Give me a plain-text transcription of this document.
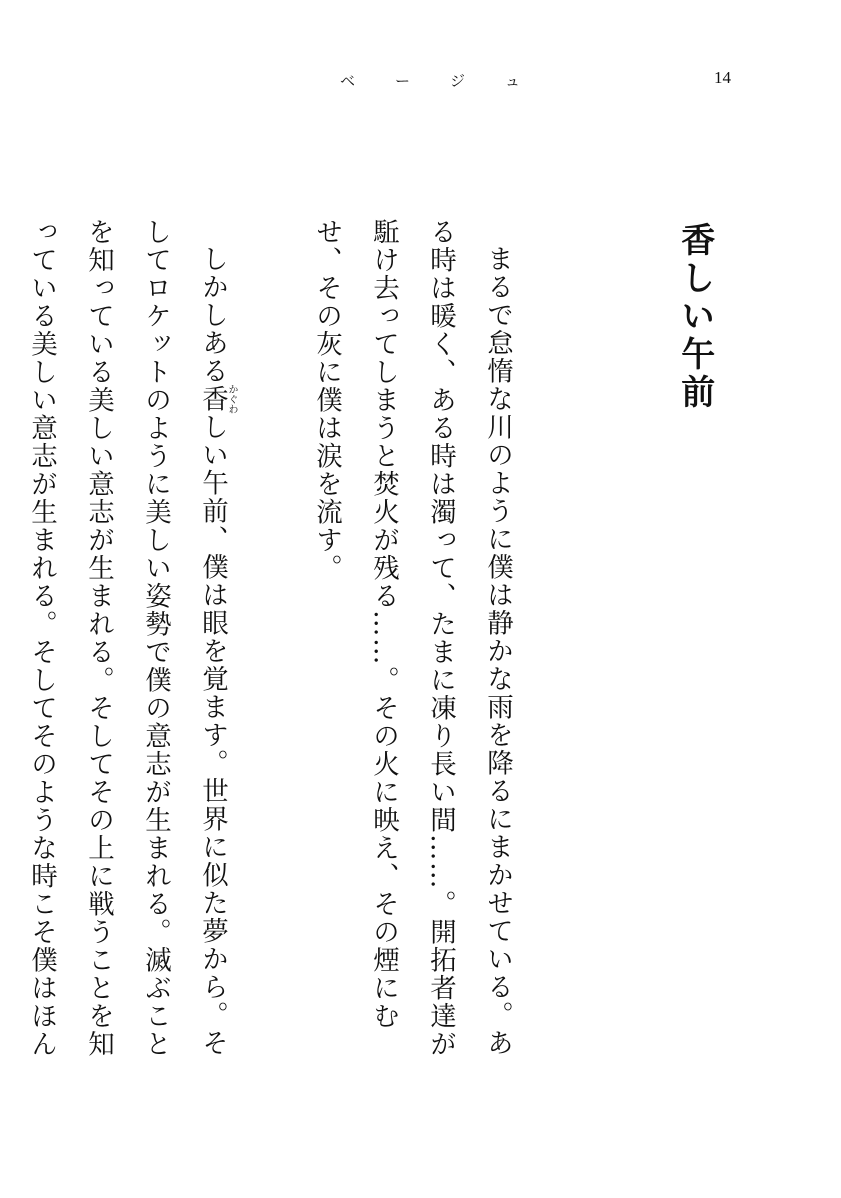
ベ	ー	ジ	ュ	14
香しい午前
まるで怠惰な川のように僕は静かな雨を降るにまかせている。ある時は暖く、ある時は濁って、たまに凍り長い間……。開拓者達が駈け去ってしまうと焚火が残る……。その火に映え、その煙にむせ、その灰に僕は涙を流す。
しかしある香かぐわしい午前、僕は眼を覚ます。世界に似た夢から。そしてロケットのように美しい姿勢で僕の意志が生まれる。滅ぶことを知っている美しい意志が生まれる。そしてその上に戦うことを知っている美しい意志が生まれる。そしてそのような時こそ僕はほん
